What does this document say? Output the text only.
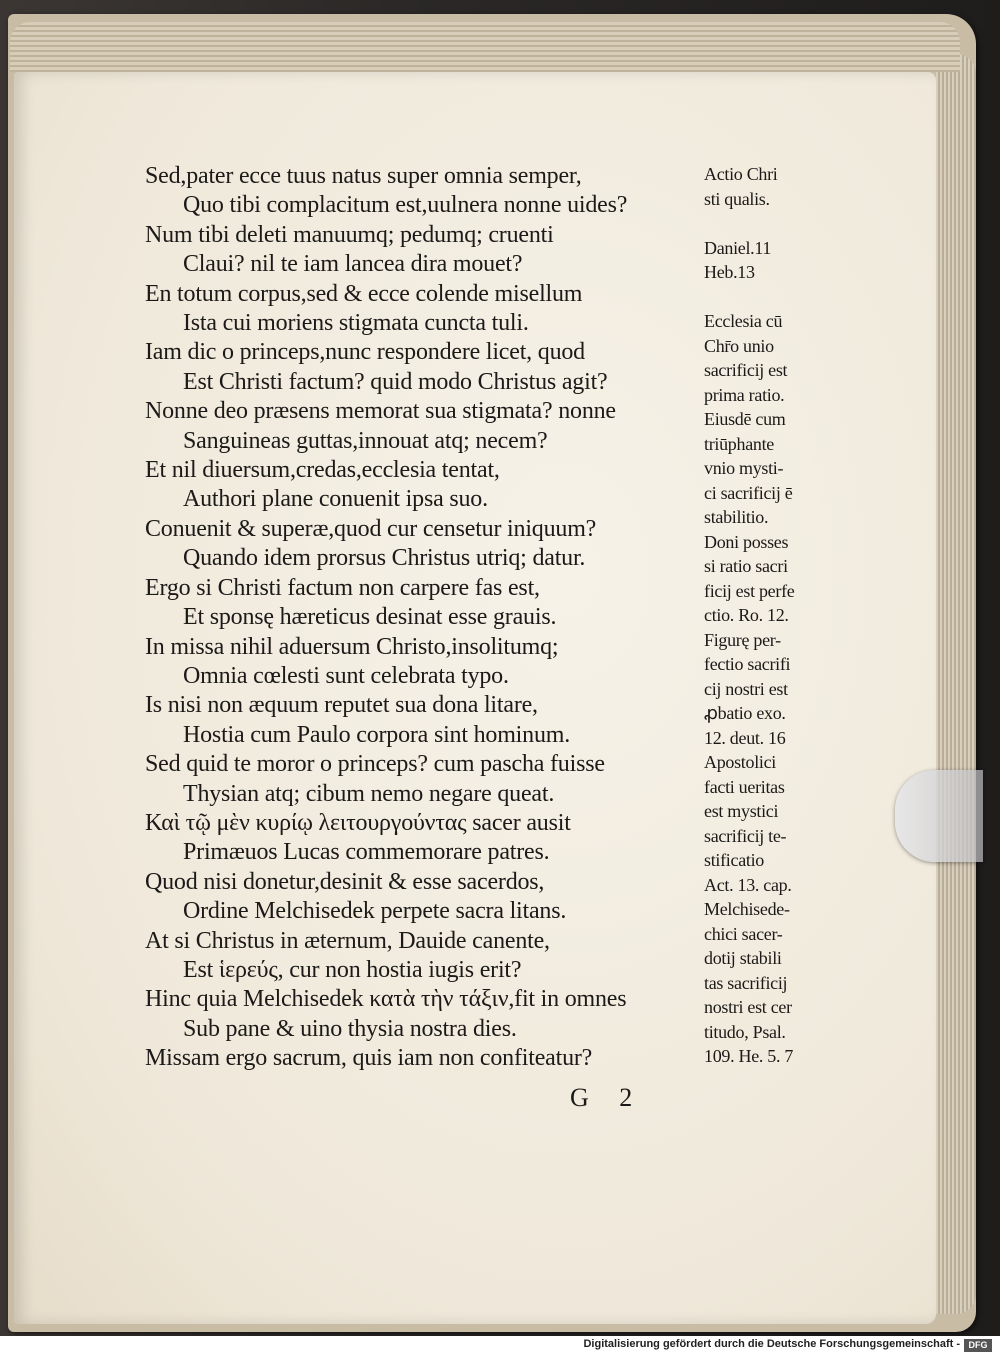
Sed,pater ecce tuus natus super omnia semper,
Quo tibi complacitum est,uulnera nonne uides?
Num tibi deleti manuumq; pedumq; cruenti
Claui? nil te iam lancea dira mouet?
En totum corpus,sed & ecce colende misellum
Ista cui moriens stigmata cuncta tuli.
Iam dic o princeps,nunc respondere licet, quod
Est Christi factum? quid modo Christus agit?
Nonne deo præsens memorat sua stigmata? nonne
Sanguineas guttas,innouat atq; necem?
Et nil diuersum,credas,ecclesia tentat,
Authori plane conuenit ipsa suo.
Conuenit & superæ,quod cur censetur iniquum?
Quando idem prorsus Christus utriq; datur.
Ergo si Christi factum non carpere fas est,
Et sponsę hæreticus desinat esse grauis.
In missa nihil aduersum Christo,insolitumq;
Omnia cœlesti sunt celebrata typo.
Is nisi non æquum reputet sua dona litare,
Hostia cum Paulo corpora sint hominum.
Sed quid te moror o princeps? cum pascha fuisse
Thysian atq; cibum nemo negare queat.
Καὶ τῷ μὲν κυρίῳ λειτουργούντας sacer ausit
Primæuos Lucas commemorare patres.
Quod nisi donetur,desinit & esse sacerdos,
Ordine Melchisedek perpete sacra litans.
At si Christus in æternum, Dauide canente,
Est ἱερεύς, cur non hostia iugis erit?
Hinc quia Melchisedek κατὰ τὴν τάξιν,fit in omnes
Sub pane & uino thysia nostra dies.
Missam ergo sacrum, quis iam non confiteatur?
Actio Chri
sti qualis.

Daniel.11
Heb.13

Ecclesia cū
Chr̄o unio
sacrificij est
prima ratio.
Eiusdē cum
triūphante
vnio mysti-
ci sacrificij ē
stabilitio.
Doni posses
si ratio sacri
ficij est perfe
ctio. Ro. 12.
Figurę per-
fectio sacrifi
cij nostri est
ꝓbatio exo.
12. deut. 16
Apostolici
facti ueritas
est mystici
sacrificij te-
stificatio
Act. 13. cap.
Melchisede-
chici sacer-
dotij stabili
tas sacrificij
nostri est cer
titudo, Psal.
109. He. 5. 7
G 2
Digitalisierung gefördert durch die Deutsche Forschungsgemeinschaft - DFG
